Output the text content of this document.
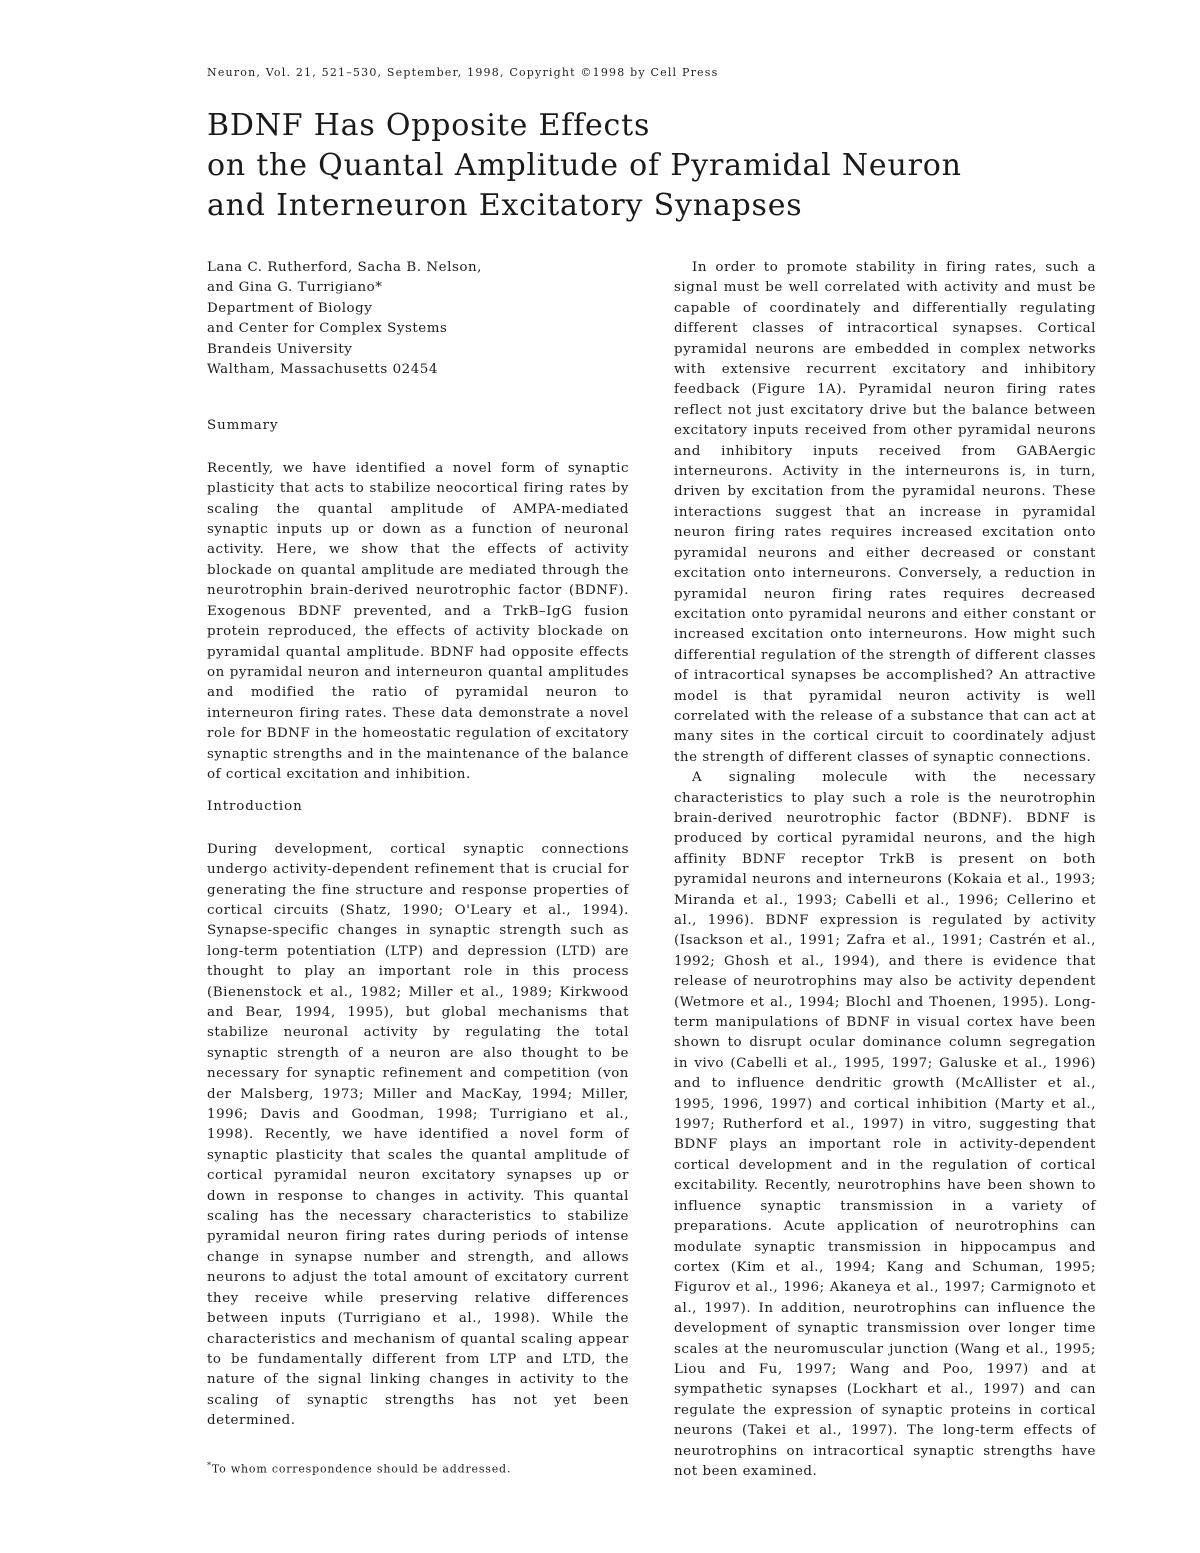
Neuron, Vol. 21, 521–530, September, 1998, Copyright ©1998 by Cell Press
BDNF Has Opposite Effects
on the Quantal Amplitude of Pyramidal Neuron
and Interneuron Excitatory Synapses
Lana C. Rutherford, Sacha B. Nelson,
and Gina G. Turrigiano*
Department of Biology
and Center for Complex Systems
Brandeis University
Waltham, Massachusetts 02454
Summary

Recently, we have identified a novel form of synaptic plasticity that acts to stabilize neocortical firing rates by scaling the quantal amplitude of AMPA-mediated synaptic inputs up or down as a function of neuronal activity. Here, we show that the effects of activity blockade on quantal amplitude are mediated through the neurotrophin brain-derived neurotrophic factor (BDNF). Exogenous BDNF prevented, and a TrkB–IgG fusion protein reproduced, the effects of activity blockade on pyramidal quantal amplitude. BDNF had opposite effects on pyramidal neuron and interneuron quantal amplitudes and modified the ratio of pyramidal neuron to interneuron firing rates. These data demonstrate a novel role for BDNF in the homeostatic regulation of excitatory synaptic strengths and in the maintenance of the balance of cortical excitation and inhibition.

Introduction

During development, cortical synaptic connections undergo activity-dependent refinement that is crucial for generating the fine structure and response properties of cortical circuits (Shatz, 1990; O'Leary et al., 1994). Synapse-specific changes in synaptic strength such as long-term potentiation (LTP) and depression (LTD) are thought to play an important role in this process (Bienenstock et al., 1982; Miller et al., 1989; Kirkwood and Bear, 1994, 1995), but global mechanisms that stabilize neuronal activity by regulating the total synaptic strength of a neuron are also thought to be necessary for synaptic refinement and competition (von der Malsberg, 1973; Miller and MacKay, 1994; Miller, 1996; Davis and Goodman, 1998; Turrigiano et al., 1998). Recently, we have identified a novel form of synaptic plasticity that scales the quantal amplitude of cortical pyramidal neuron excitatory synapses up or down in response to changes in activity. This quantal scaling has the necessary characteristics to stabilize pyramidal neuron firing rates during periods of intense change in synapse number and strength, and allows neurons to adjust the total amount of excitatory current they receive while preserving relative differences between inputs (Turrigiano et al., 1998). While the characteristics and mechanism of quantal scaling appear to be fundamentally different from LTP and LTD, the nature of the signal linking changes in activity to the scaling of synaptic strengths has not yet been determined.

In order to promote stability in firing rates, such a signal must be well correlated with activity and must be capable of coordinately and differentially regulating different classes of intracortical synapses. Cortical pyramidal neurons are embedded in complex networks with extensive recurrent excitatory and inhibitory feedback (Figure 1A). Pyramidal neuron firing rates reflect not just excitatory drive but the balance between excitatory inputs received from other pyramidal neurons and inhibitory inputs received from GABAergic interneurons. Activity in the interneurons is, in turn, driven by excitation from the pyramidal neurons. These interactions suggest that an increase in pyramidal neuron firing rates requires increased excitation onto pyramidal neurons and either decreased or constant excitation onto interneurons. Conversely, a reduction in pyramidal neuron firing rates requires decreased excitation onto pyramidal neurons and either constant or increased excitation onto interneurons. How might such differential regulation of the strength of different classes of intracortical synapses be accomplished? An attractive model is that pyramidal neuron activity is well correlated with the release of a substance that can act at many sites in the cortical circuit to coordinately adjust the strength of different classes of synaptic connections.

A signaling molecule with the necessary characteristics to play such a role is the neurotrophin brain-derived neurotrophic factor (BDNF). BDNF is produced by cortical pyramidal neurons, and the high affinity BDNF receptor TrkB is present on both pyramidal neurons and interneurons (Kokaia et al., 1993; Miranda et al., 1993; Cabelli et al., 1996; Cellerino et al., 1996). BDNF expression is regulated by activity (Isackson et al., 1991; Zafra et al., 1991; Castrén et al., 1992; Ghosh et al., 1994), and there is evidence that release of neurotrophins may also be activity dependent (Wetmore et al., 1994; Blochl and Thoenen, 1995). Long-term manipulations of BDNF in visual cortex have been shown to disrupt ocular dominance column segregation in vivo (Cabelli et al., 1995, 1997; Galuske et al., 1996) and to influence dendritic growth (McAllister et al., 1995, 1996, 1997) and cortical inhibition (Marty et al., 1997; Rutherford et al., 1997) in vitro, suggesting that BDNF plays an important role in activity-dependent cortical development and in the regulation of cortical excitability. Recently, neurotrophins have been shown to influence synaptic transmission in a variety of preparations. Acute application of neurotrophins can modulate synaptic transmission in hippocampus and cortex (Kim et al., 1994; Kang and Schuman, 1995; Figurov et al., 1996; Akaneya et al., 1997; Carmignoto et al., 1997). In addition, neurotrophins can influence the development of synaptic transmission over longer time scales at the neuromuscular junction (Wang et al., 1995; Liou and Fu, 1997; Wang and Poo, 1997) and at sympathetic synapses (Lockhart et al., 1997) and can regulate the expression of synaptic proteins in cortical neurons (Takei et al., 1997). The long-term effects of neurotrophins on intracortical synaptic strengths have not been examined.

*To whom correspondence should be addressed.
